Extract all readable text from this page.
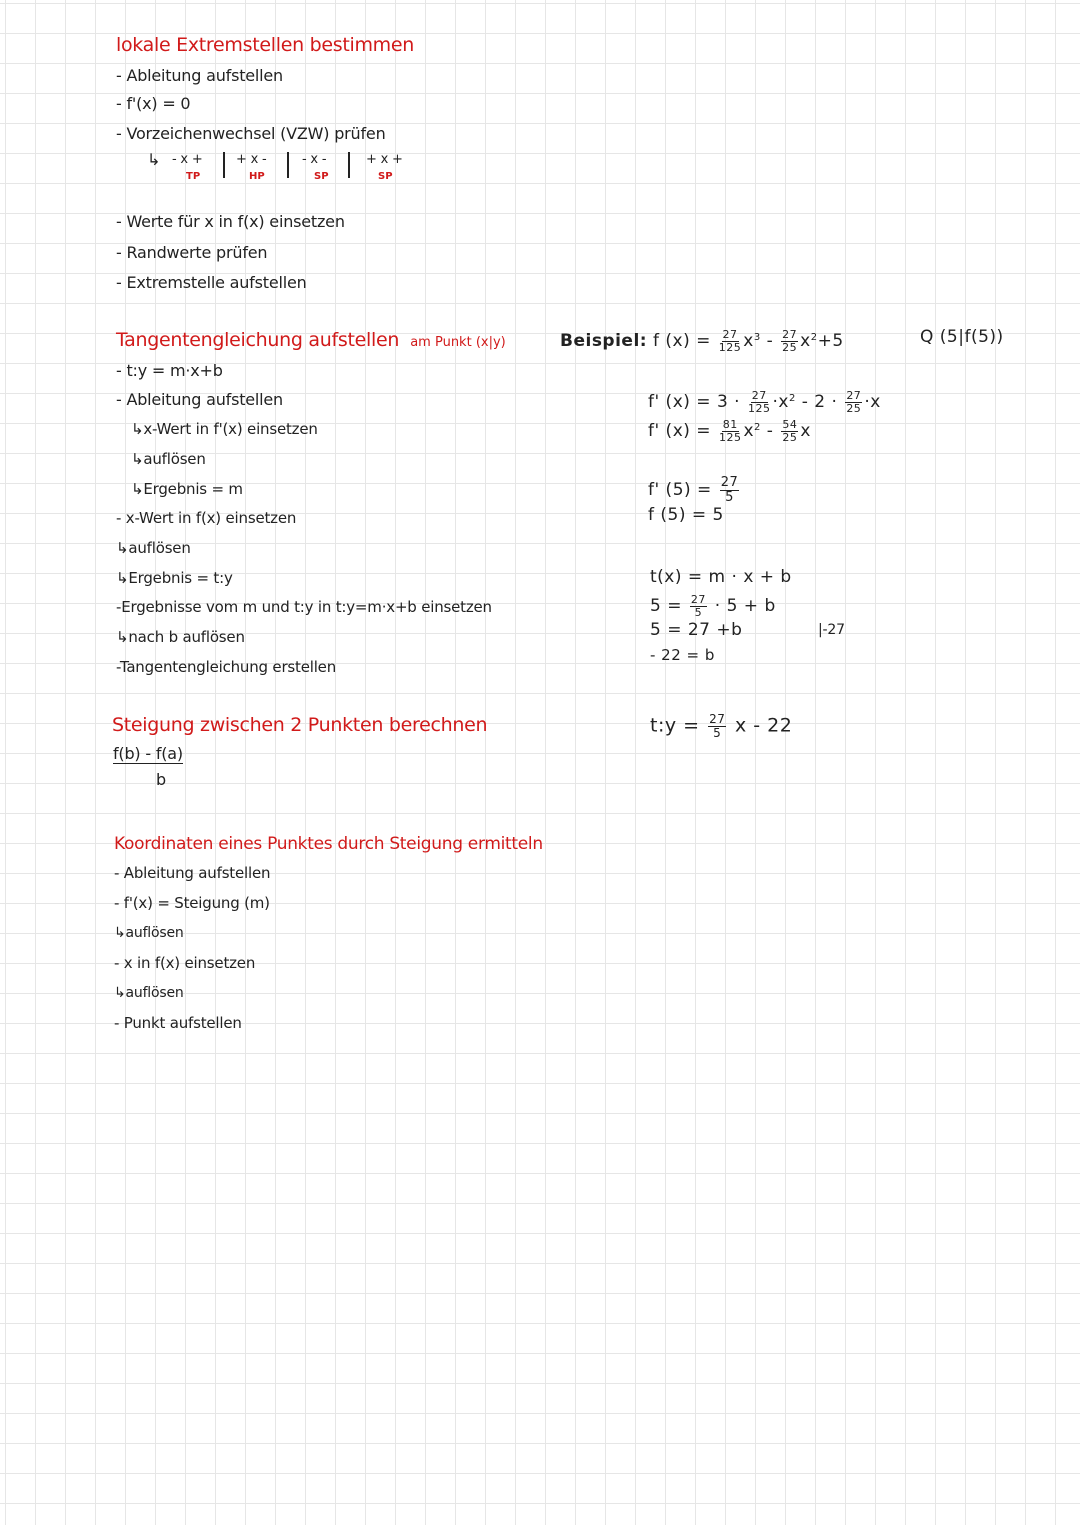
lokale Extremstellen bestimmen
- Ableitung aufstellen
- f'(x) = 0
- Vorzeichenwechsel (VZW) prüfen
↳ - x +
TP
+ x -
HP
- x -
SP
+ x +
SP
- Werte für x in f(x) einsetzen
- Randwerte prüfen
- Extremstelle aufstellen
Tangentengleichung aufstellen am Punkt (x|y)
- t:y = m·x+b
- Ableitung aufstellen
↳x-Wert in f'(x) einsetzen
↳auflösen
↳Ergebnis = m
- x-Wert in f(x) einsetzen
↳auflösen
↳Ergebnis = t:y
-Ergebnisse vom m und t:y in t:y=m·x+b einsetzen
↳nach b auflösen
-Tangentengleichung erstellen
Beispiel: f $(x) = \frac{27}{125} x^3 - \frac{27}{25} x^2+5$	Q (5|f(5))
f' $(x) = 3 \cdot \frac{27}{125} \cdot x^2 - 2 \cdot \frac{27}{25} \cdot x$
f' $(x) = \frac{81}{125} x^2 - \frac{54}{25}$ x
f' $(5) = \frac{27}{5}$
f (5) = 5
t(x) = m · x + b
$5 = \frac{27}{5} \cdot 5 + b$
5 = 27 +b	|-27
- 22 = b
t:y = $\frac{27}{5}$ x - 22
Steigung zwischen 2 Punkten berechnen
f(b) - f(a)
b
Koordinaten eines Punktes durch Steigung ermitteln
- Ableitung aufstellen
- f'(x) = Steigung (m)
↳auflösen
- x in f(x) einsetzen
↳auflösen
- Punkt aufstellen
